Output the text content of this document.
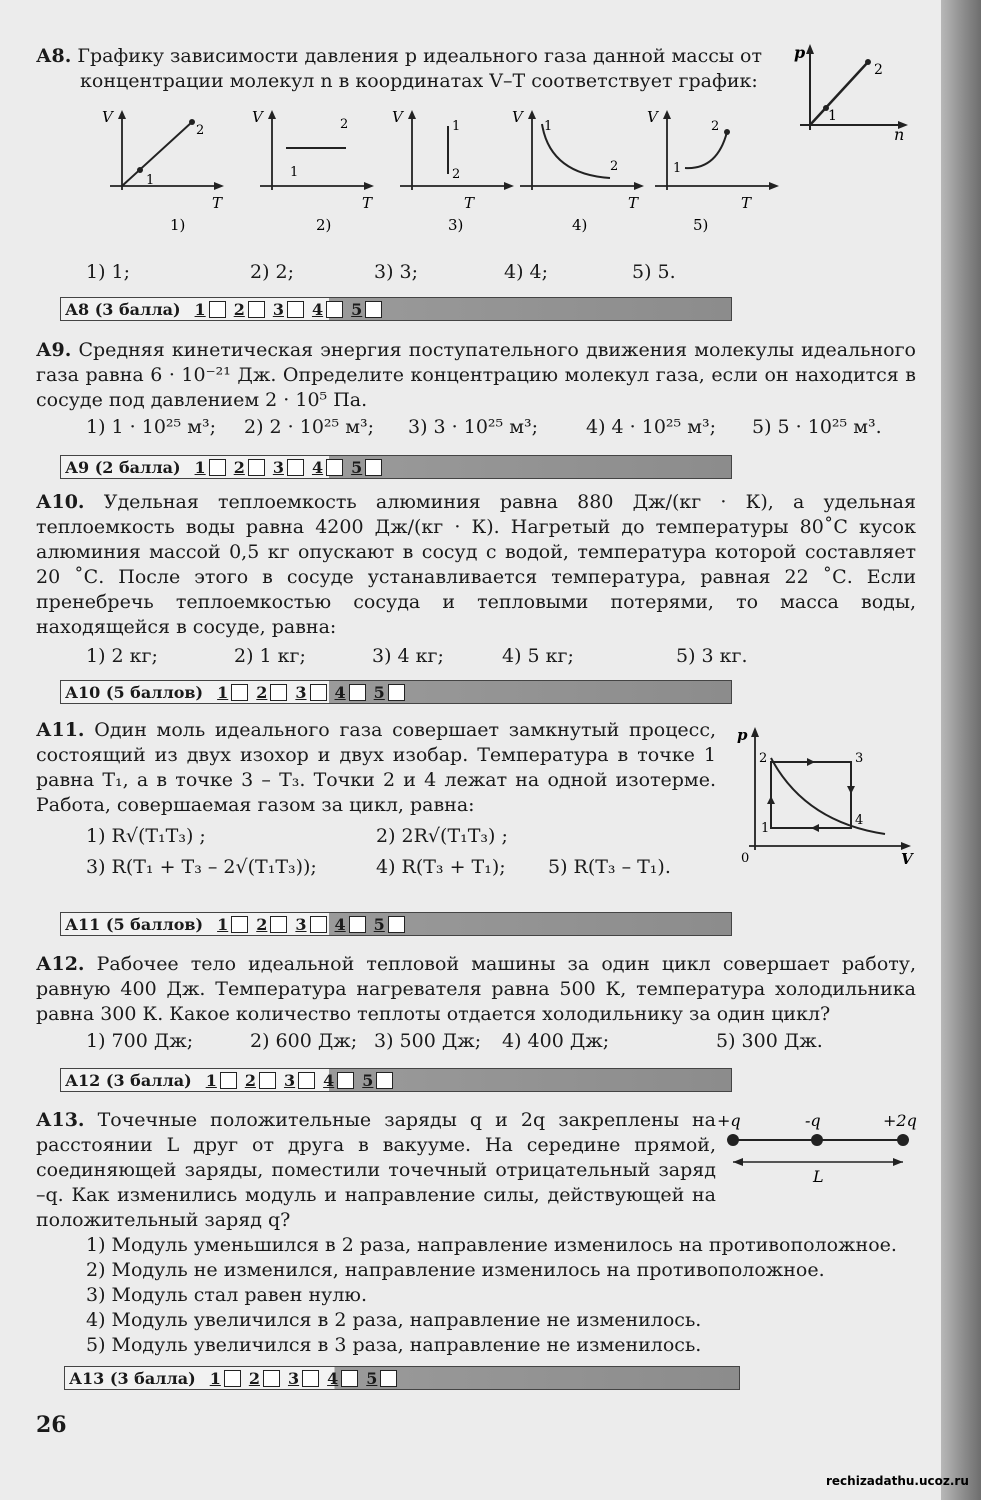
А8. Графику зависимости давления p идеального газа данной массы от

концентрации молекул n в координатах V–T соответствует график:

p
n
1
2
V
T
1
2
1)
V
T
1
2
2)
V
T
1
2
3)
V
T
1
2
4)
V
T
1
2
5)
1) 1;	2) 2;	3) 3;	4) 4;	5) 5.
А8 (3 балла) 1 2 3 4 5

А9. Средняя кинетическая энергия поступательного движения молекулы идеального газа равна 6 · 10⁻²¹ Дж. Определите концентрацию молекул газа, если он находится в сосуде под давлением 2 · 10⁵ Па.

1) 1 · 10²⁵ м³;	2) 2 · 10²⁵ м³;	3) 3 · 10²⁵ м³;	4) 4 · 10²⁵ м³;	5) 5 · 10²⁵ м³.
А9 (2 балла) 1 2 3 4 5

А10. Удельная теплоемкость алюминия равна 880 Дж/(кг · К), а удельная теплоемкость воды равна 4200 Дж/(кг · К). Нагретый до температуры 80˚С кусок алюминия массой 0,5 кг опускают в сосуд с водой, температура которой составляет 20 ˚С. После этого в сосуде устанавливается температура, равная 22 ˚С. Если пренебречь теплоемкостью сосуда и тепловыми потерями, то масса воды, находящейся в сосуде, равна:

1) 2 кг;	2) 1 кг;	3) 4 кг;	4) 5 кг;	5) 3 кг.
А10 (5 баллов) 1 2 3 4 5

А11. Один моль идеального газа совершает замкнутый процесс, состоящий из двух изохор и двух изобар. Температура в точке 1 равна T₁, а в точке 3 – T₃. Точки 2 и 4 лежат на одной изотерме. Работа, совершаемая газом за цикл, равна:

1) R√(T₁T₃) ;	2) 2R√(T₁T₃) ;
3) R(T₁ + T₃ – 2√(T₁T₃));	4) R(T₃ + T₁);	5) R(T₃ – T₁).
p
V
0
1
2	3
4
А11 (5 баллов) 1 2 3 4 5

А12. Рабочее тело идеальной тепловой машины за один цикл совершает работу, равную 400 Дж. Температура нагревателя равна 500 К, температура холодильника равна 300 К. Какое количество теплоты отдается холодильнику за один цикл?

1) 700 Дж;	2) 600 Дж; 3) 500 Дж;	4) 400 Дж;	5) 300 Дж.
А12 (3 балла) 1 2 3 4 5

А13. Точечные положительные заряды q и 2q закреплены на расстоянии L друг от друга в вакууме. На середине прямой, соединяющей заряды, поместили точечный отрицательный заряд –q. Как изменились модуль и направление силы, действующей на положительный заряд q?

+q	-q	+2q
L
1) Модуль уменьшился в 2 раза, направление изменилось на противоположное.
2) Модуль не изменился, направление изменилось на противоположное.
3) Модуль стал равен нулю.
4) Модуль увеличился в 2 раза, направление не изменилось.
5) Модуль увеличился в 3 раза, направление не изменилось.
А13 (3 балла) 1 2 3 4 5
26
rechizadathu.ucoz.ru
